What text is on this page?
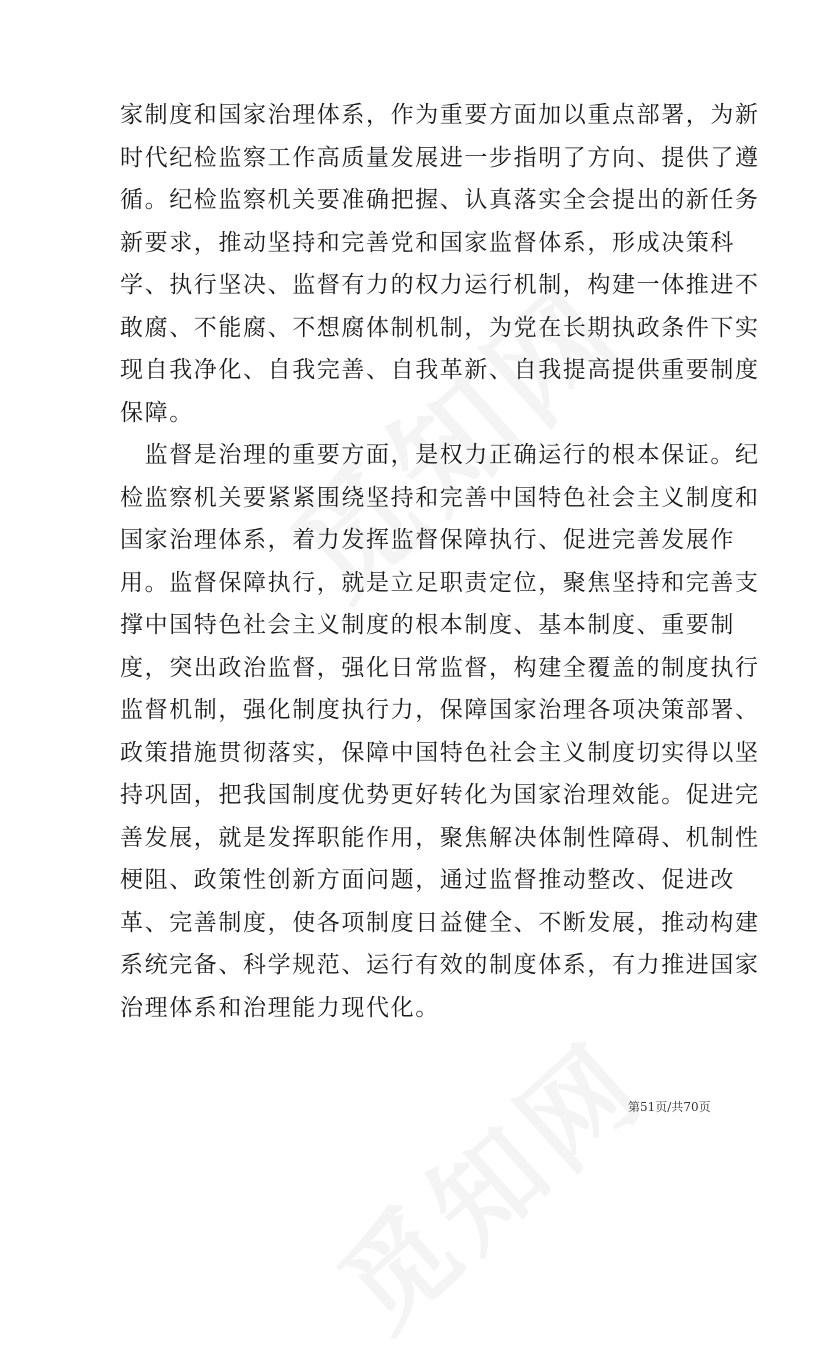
家制度和国家治理体系，作为重要方面加以重点部署，为新
时代纪检监察工作高质量发展进一步指明了方向、提供了遵
循。纪检监察机关要准确把握、认真落实全会提出的新任务
新要求，推动坚持和完善党和国家监督体系，形成决策科
学、执行坚决、监督有力的权力运行机制，构建一体推进不
敢腐、不能腐、不想腐体制机制，为党在长期执政条件下实
现自我净化、自我完善、自我革新、自我提高提供重要制度
保障。
　监督是治理的重要方面，是权力正确运行的根本保证。纪
检监察机关要紧紧围绕坚持和完善中国特色社会主义制度和
国家治理体系，着力发挥监督保障执行、促进完善发展作
用。监督保障执行，就是立足职责定位，聚焦坚持和完善支
撑中国特色社会主义制度的根本制度、基本制度、重要制
度，突出政治监督，强化日常监督，构建全覆盖的制度执行
监督机制，强化制度执行力，保障国家治理各项决策部署、
政策措施贯彻落实，保障中国特色社会主义制度切实得以坚
持巩固，把我国制度优势更好转化为国家治理效能。促进完
善发展，就是发挥职能作用，聚焦解决体制性障碍、机制性
梗阻、政策性创新方面问题，通过监督推动整改、促进改
革、完善制度，使各项制度日益健全、不断发展，推动构建
系统完备、科学规范、运行有效的制度体系，有力推进国家
治理体系和治理能力现代化。
第51页/共70页
